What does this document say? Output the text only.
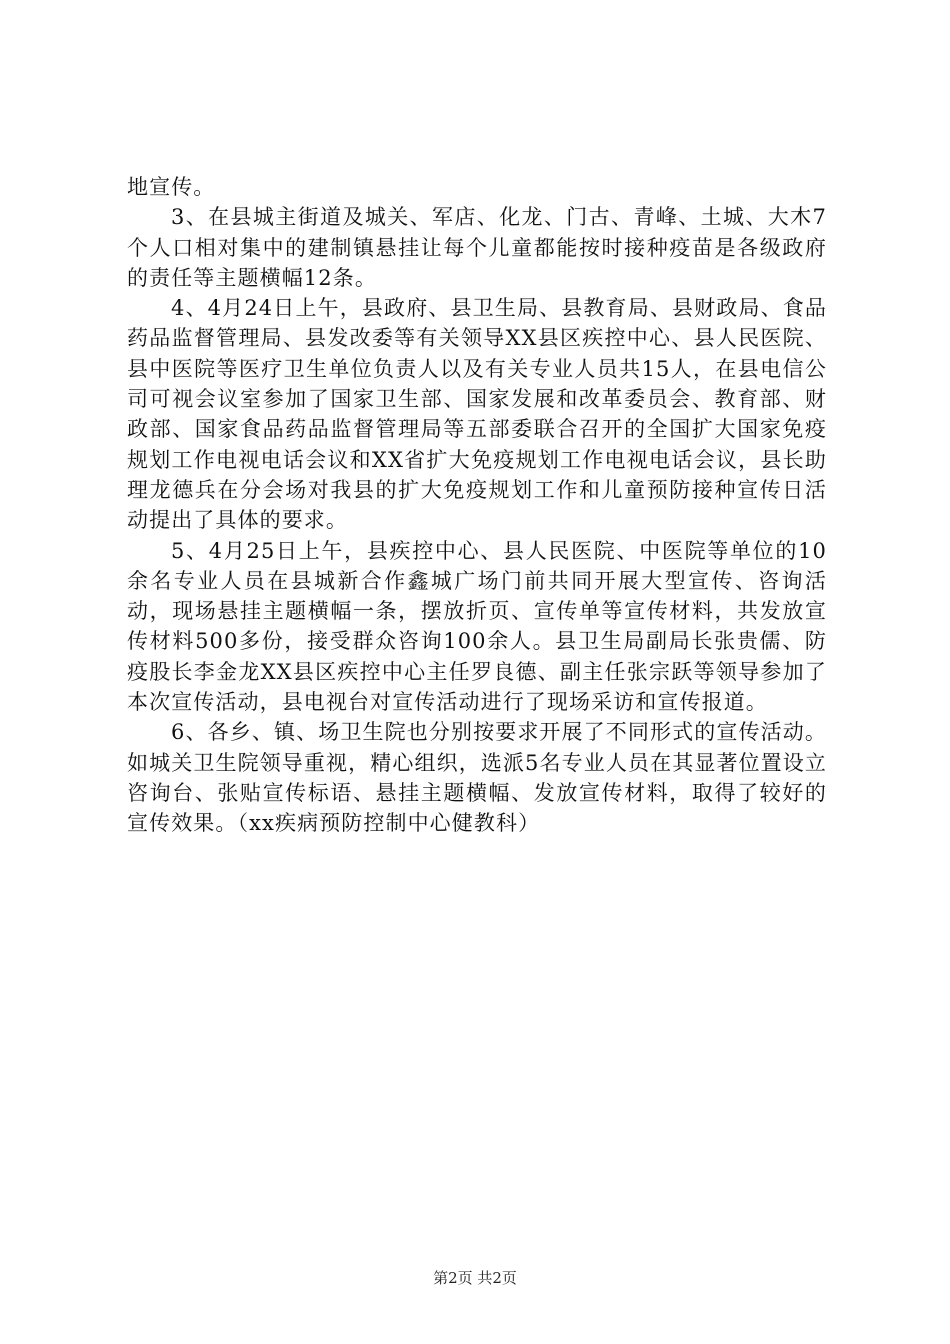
地宣传。

3、在县城主街道及城关、军店、化龙、门古、青峰、土城、大木7个人口相对集中的建制镇悬挂让每个儿童都能按时接种疫苗是各级政府的责任等主题横幅12条。

4、4月24日上午，县政府、县卫生局、县教育局、县财政局、食品药品监督管理局、县发改委等有关领导XX县区疾控中心、县人民医院、县中医院等医疗卫生单位负责人以及有关专业人员共15人，在县电信公司可视会议室参加了国家卫生部、国家发展和改革委员会、教育部、财政部、国家食品药品监督管理局等五部委联合召开的全国扩大国家免疫规划工作电视电话会议和XX省扩大免疫规划工作电视电话会议，县长助理龙德兵在分会场对我县的扩大免疫规划工作和儿童预防接种宣传日活动提出了具体的要求。

5、4月25日上午，县疾控中心、县人民医院、中医院等单位的10余名专业人员在县城新合作鑫城广场门前共同开展大型宣传、咨询活动，现场悬挂主题横幅一条，摆放折页、宣传单等宣传材料，共发放宣传材料500多份，接受群众咨询100余人。县卫生局副局长张贵儒、防疫股长李金龙XX县区疾控中心主任罗良德、副主任张宗跃等领导参加了本次宣传活动，县电视台对宣传活动进行了现场采访和宣传报道。

6、各乡、镇、场卫生院也分别按要求开展了不同形式的宣传活动。如城关卫生院领导重视，精心组织，选派5名专业人员在其显著位置设立咨询台、张贴宣传标语、悬挂主题横幅、发放宣传材料，取得了较好的宣传效果。（xx疾病预防控制中心健教科）

第2页 共2页
